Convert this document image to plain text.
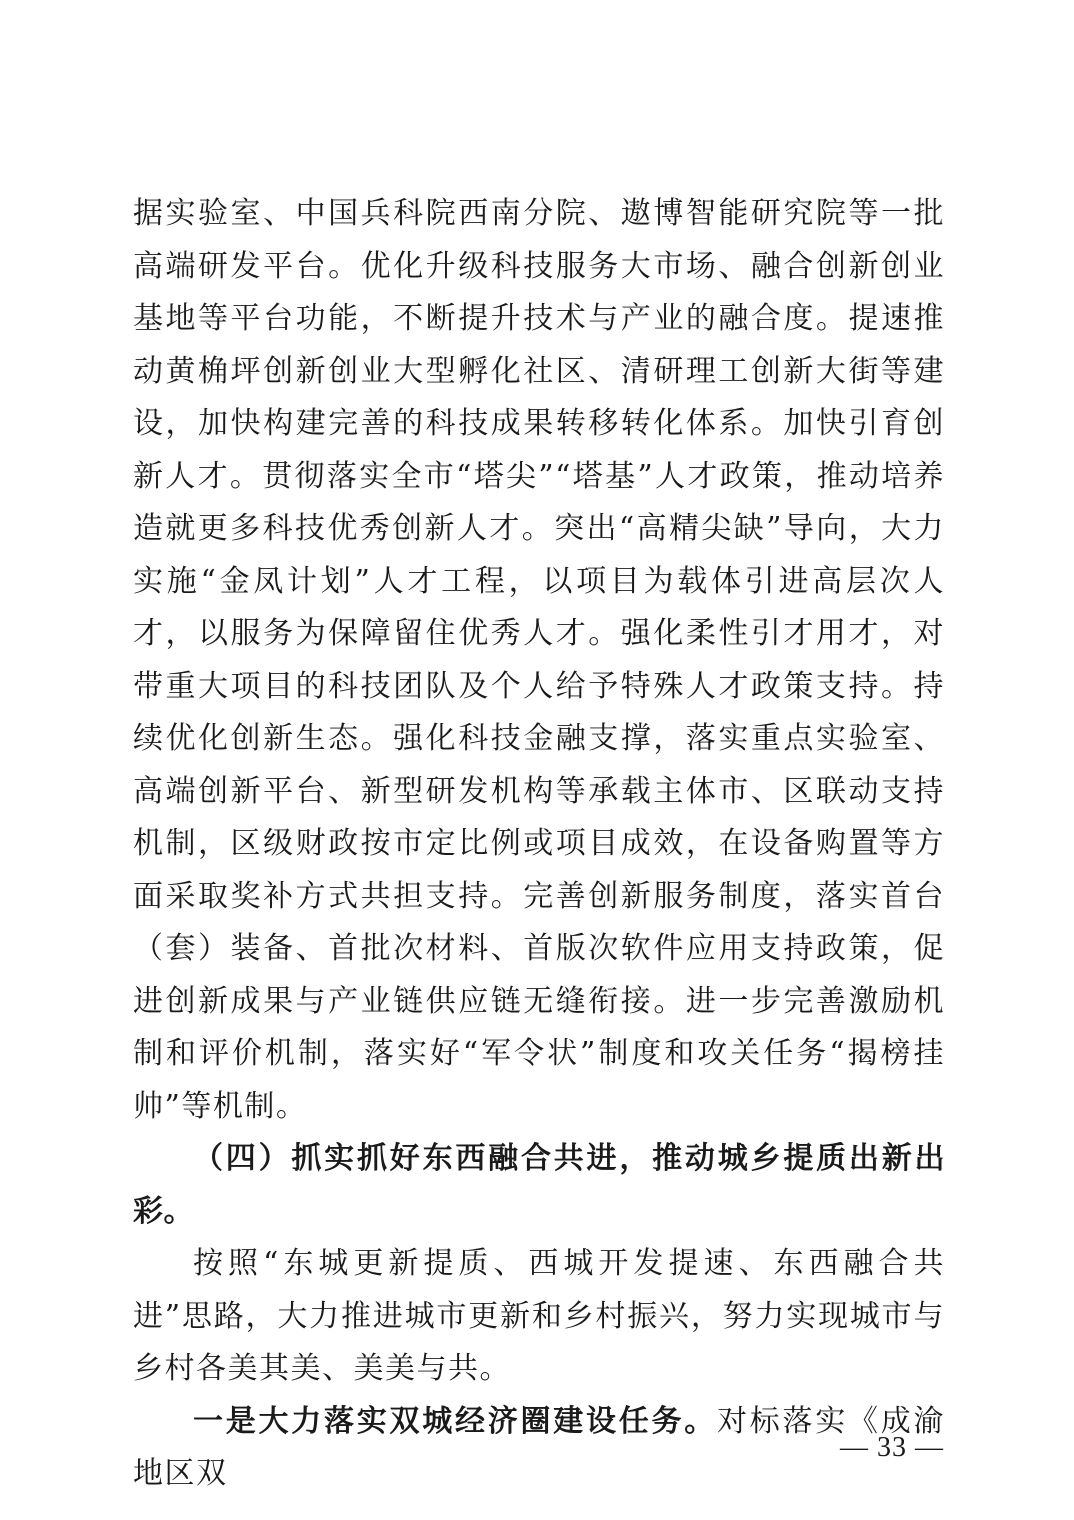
据实验室、中国兵科院西南分院、遨博智能研究院等一批高端研发平台。优化升级科技服务大市场、融合创新创业基地等平台功能，不断提升技术与产业的融合度。提速推动黄桷坪创新创业大型孵化社区、清研理工创新大街等建设，加快构建完善的科技成果转移转化体系。加快引育创新人才。贯彻落实全市“塔尖”“塔基”人才政策，推动培养造就更多科技优秀创新人才。突出“高精尖缺”导向，大力实施“金凤计划”人才工程，以项目为载体引进高层次人才，以服务为保障留住优秀人才。强化柔性引才用才，对带重大项目的科技团队及个人给予特殊人才政策支持。持续优化创新生态。强化科技金融支撑，落实重点实验室、高端创新平台、新型研发机构等承载主体市、区联动支持机制，区级财政按市定比例或项目成效，在设备购置等方面采取奖补方式共担支持。完善创新服务制度，落实首台（套）装备、首批次材料、首版次软件应用支持政策，促进创新成果与产业链供应链无缝衔接。进一步完善激励机制和评价机制，落实好“军令状”制度和攻关任务“揭榜挂帅”等机制。

（四）抓实抓好东西融合共进，推动城乡提质出新出彩。

按照“东城更新提质、西城开发提速、东西融合共进”思路，大力推进城市更新和乡村振兴，努力实现城市与乡村各美其美、美美与共。

一是大力落实双城经济圈建设任务。对标落实《成渝地区双

— 33 —
